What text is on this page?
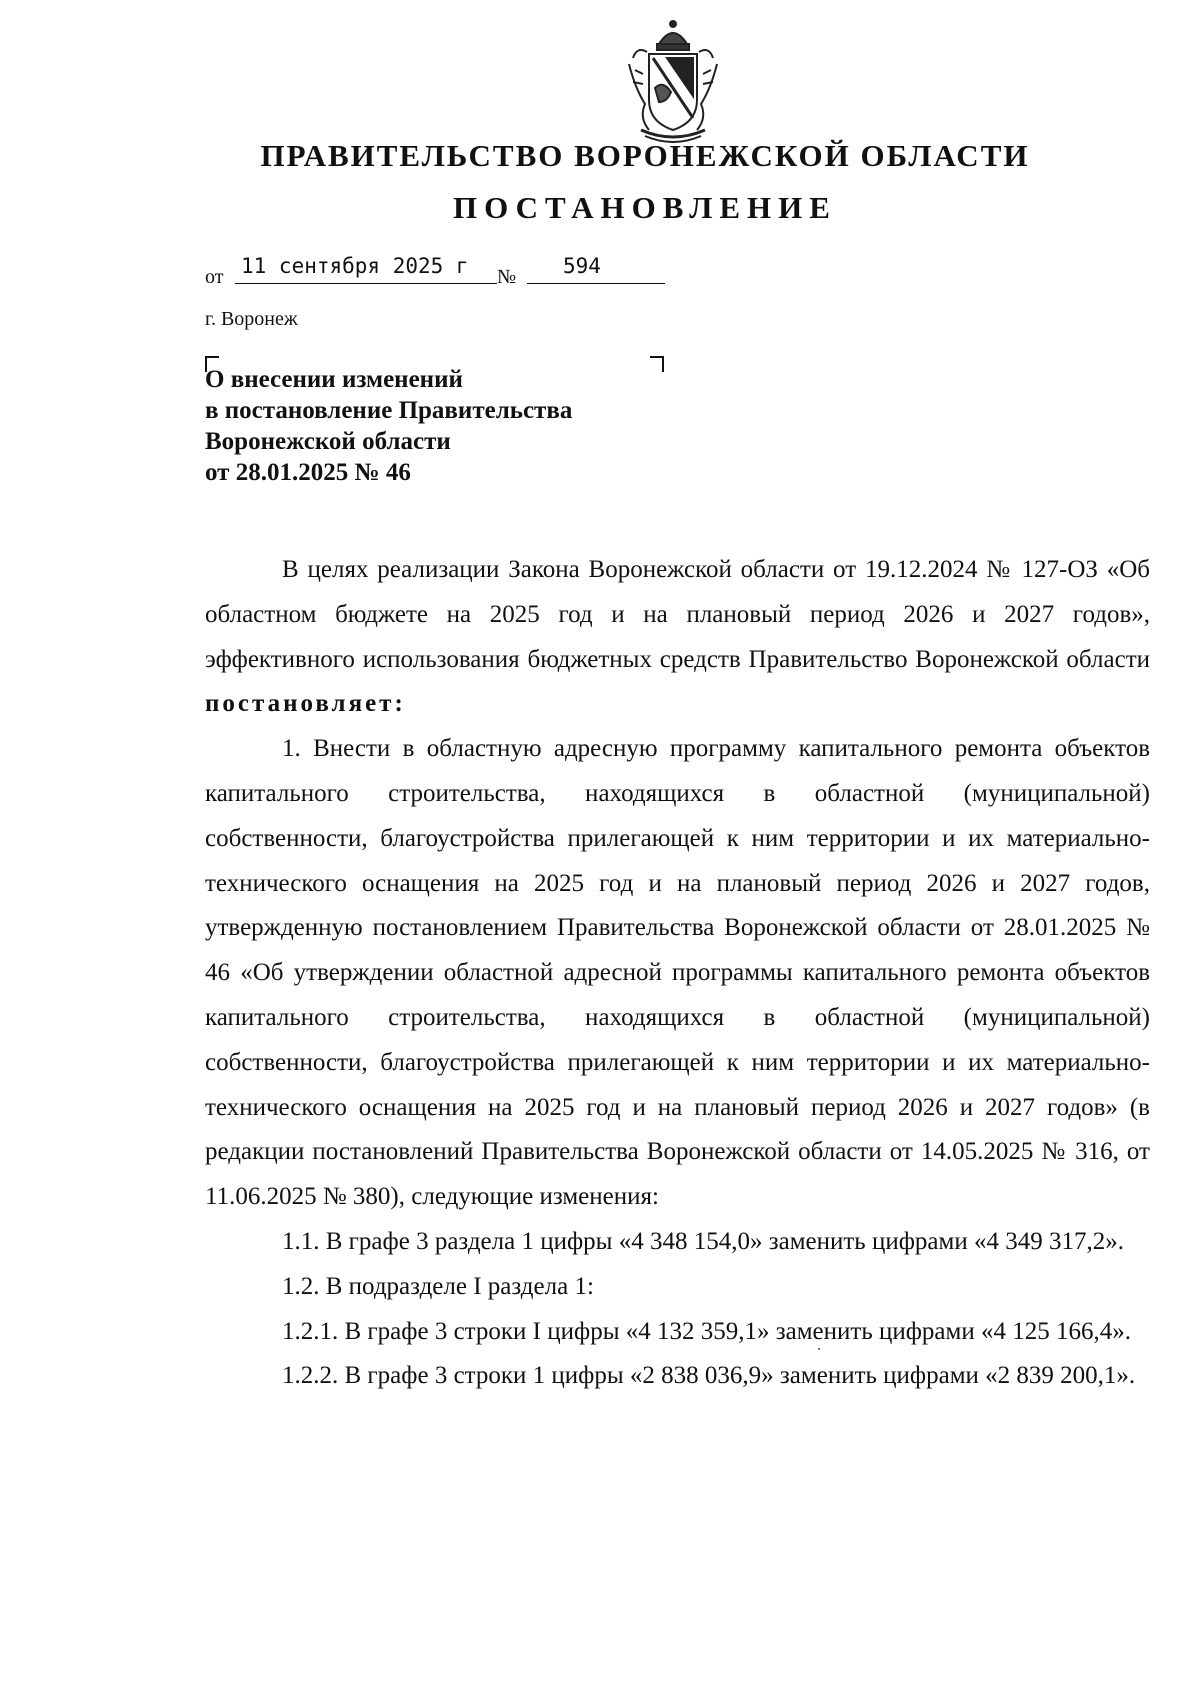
ПРАВИТЕЛЬСТВО ВОРОНЕЖСКОЙ ОБЛАСТИ
ПОСТАНОВЛЕНИЕ
от 11 сентября 2025 г	№	594

г. Воронеж

О внесении изменений
в постановление Правительства
Воронежской области
от 28.01.2025 № 46

В целях реализации Закона Воронежской области от 19.12.2024 № 127-ОЗ «Об областном бюджете на 2025 год и на плановый период 2026 и 2027 годов», эффективного использования бюджетных средств Правительство Воронежской области постановляет:

1. Внести в областную адресную программу капитального ремонта объектов капитального строительства, находящихся в областной (муниципальной) собственности, благоустройства прилегающей к ним территории и их материально-технического оснащения на 2025 год и на плановый период 2026 и 2027 годов, утвержденную постановлением Правительства Воронежской области от 28.01.2025 № 46 «Об утверждении областной адресной программы капитального ремонта объектов капитального строительства, находящихся в областной (муниципальной) собственности, благоустройства прилегающей к ним территории и их материально-технического оснащения на 2025 год и на плановый период 2026 и 2027 годов» (в редакции постановлений Правительства Воронежской области от 14.05.2025 № 316, от 11.06.2025 № 380), следующие изменения:

1.1. В графе 3 раздела 1 цифры «4 348 154,0» заменить цифрами «4 349 317,2».

1.2. В подразделе I раздела 1:

1.2.1. В графе 3 строки I цифры «4 132 359,1» заменить цифрами «4 125 166,4».

1.2.2. В графе 3 строки 1 цифры «2 838 036,9» заменить цифрами «2 839 200,1».
